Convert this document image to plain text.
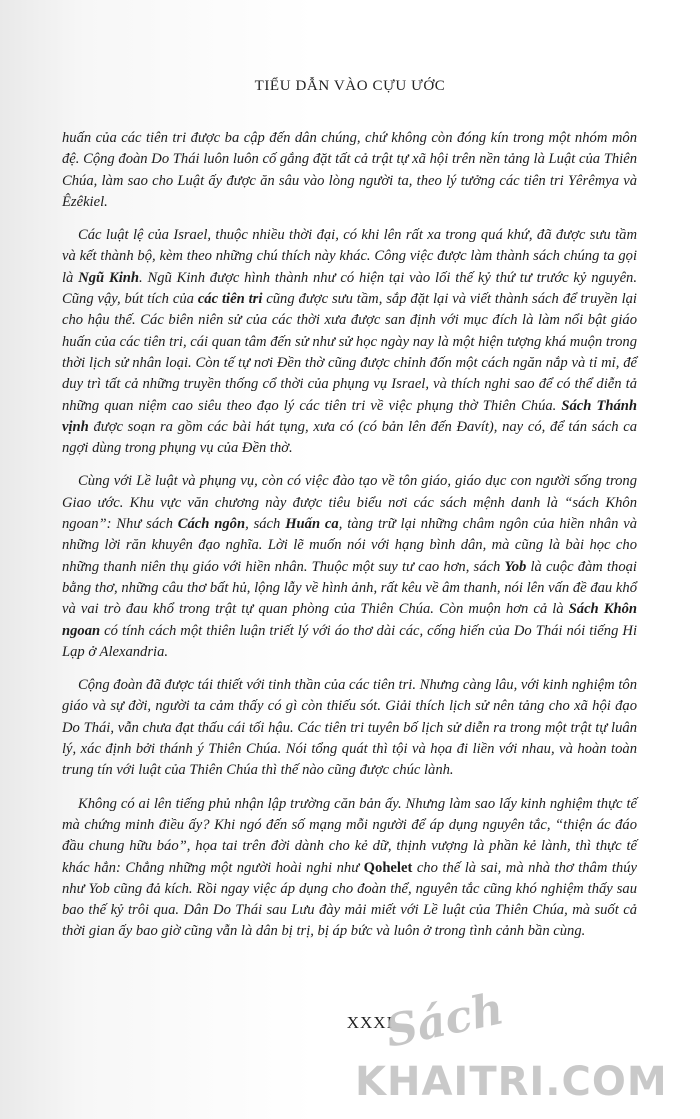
TIỂU DẪN VÀO CỰU ƯỚC

huấn của các tiên tri được ba cập đến dân chúng, chứ không còn đóng kín trong một nhóm môn đệ. Cộng đoàn Do Thái luôn luôn cố gắng đặt tất cả trật tự xã hội trên nền tảng là Luật của Thiên Chúa, làm sao cho Luật ấy được ăn sâu vào lòng người ta, theo lý tưởng các tiên tri Yêrêmya và Êzêkiel.

Các luật lệ của Israel, thuộc nhiều thời đại, có khi lên rất xa trong quá khứ, đã được sưu tầm và kết thành bộ, kèm theo những chú thích này khác. Công việc được làm thành sách chúng ta gọi là Ngũ Kinh. Ngũ Kinh được hình thành như có hiện tại vào lối thế kỷ thứ tư trước kỷ nguyên. Cũng vậy, bút tích của các tiên tri cũng được sưu tầm, sắp đặt lại và viết thành sách để truyền lại cho hậu thế. Các biên niên sử của các thời xưa được san định với mục đích là làm nổi bật giáo huấn của các tiên tri, cái quan tâm đến sử như sử học ngày nay là một hiện tượng khá muộn trong thời lịch sử nhân loại. Còn tế tự nơi Đền thờ cũng được chỉnh đốn một cách ngăn nắp và tỉ mỉ, để duy trì tất cả những truyền thống cổ thời của phụng vụ Israel, và thích nghi sao để có thể diễn tả những quan niệm cao siêu theo đạo lý các tiên tri về việc phụng thờ Thiên Chúa. Sách Thánh vịnh được soạn ra gồm các bài hát tụng, xưa có (có bản lên đến Đavít), nay có, để tán sách ca ngợi dùng trong phụng vụ của Đền thờ.

Cùng với Lề luật và phụng vụ, còn có việc đào tạo về tôn giáo, giáo dục con người sống trong Giao ước. Khu vực văn chương này được tiêu biểu nơi các sách mệnh danh là “sách Khôn ngoan”: Như sách Cách ngôn, sách Huấn ca, tàng trữ lại những châm ngôn của hiền nhân và những lời răn khuyên đạo nghĩa. Lời lẽ muốn nói với hạng bình dân, mà cũng là bài học cho những thanh niên thụ giáo với hiền nhân. Thuộc một suy tư cao hơn, sách Yob là cuộc đàm thoại bằng thơ, những câu thơ bất hủ, lộng lẫy về hình ảnh, rất kêu về âm thanh, nói lên vấn đề đau khổ và vai trò đau khổ trong trật tự quan phòng của Thiên Chúa. Còn muộn hơn cả là Sách Khôn ngoan có tính cách một thiên luận triết lý với áo thơ dài các, cống hiến của Do Thái nói tiếng Hi Lạp ở Alexandria.

Cộng đoàn đã được tái thiết với tinh thần của các tiên tri. Nhưng càng lâu, với kinh nghiệm tôn giáo và sự đời, người ta cảm thấy có gì còn thiếu sót. Giải thích lịch sử nên tảng cho xã hội đạo Do Thái, vẫn chưa đạt thấu cái tối hậu. Các tiên tri tuyên bố lịch sử diễn ra trong một trật tự luân lý, xác định bởi thánh ý Thiên Chúa. Nói tổng quát thì tội và họa đi liền với nhau, và hoàn toàn trung tín với luật của Thiên Chúa thì thế nào cũng được chúc lành.

Không có ai lên tiếng phủ nhận lập trường căn bản ấy. Nhưng làm sao lấy kinh nghiệm thực tế mà chứng minh điều ấy? Khi ngó đến số mạng mỗi người để áp dụng nguyên tắc, “thiện ác đáo đầu chung hữu báo”, họa tai trên đời dành cho kẻ dữ, thịnh vượng là phần kẻ lành, thì thực tế khác hẳn: Chẳng những một người hoài nghi như Qohelet cho thế là sai, mà nhà thơ thâm thúy như Yob cũng đả kích. Rồi ngay việc áp dụng cho đoàn thể, nguyên tắc cũng khó nghiệm thấy sau bao thế kỷ trôi qua. Dân Do Thái sau Lưu đày mải miết với Lề luật của Thiên Chúa, mà suốt cả thời gian ấy bao giờ cũng vẫn là dân bị trị, bị áp bức và luôn ở trong tình cảnh bần cùng.

XXXI
Sách
KHAITRI.COM
